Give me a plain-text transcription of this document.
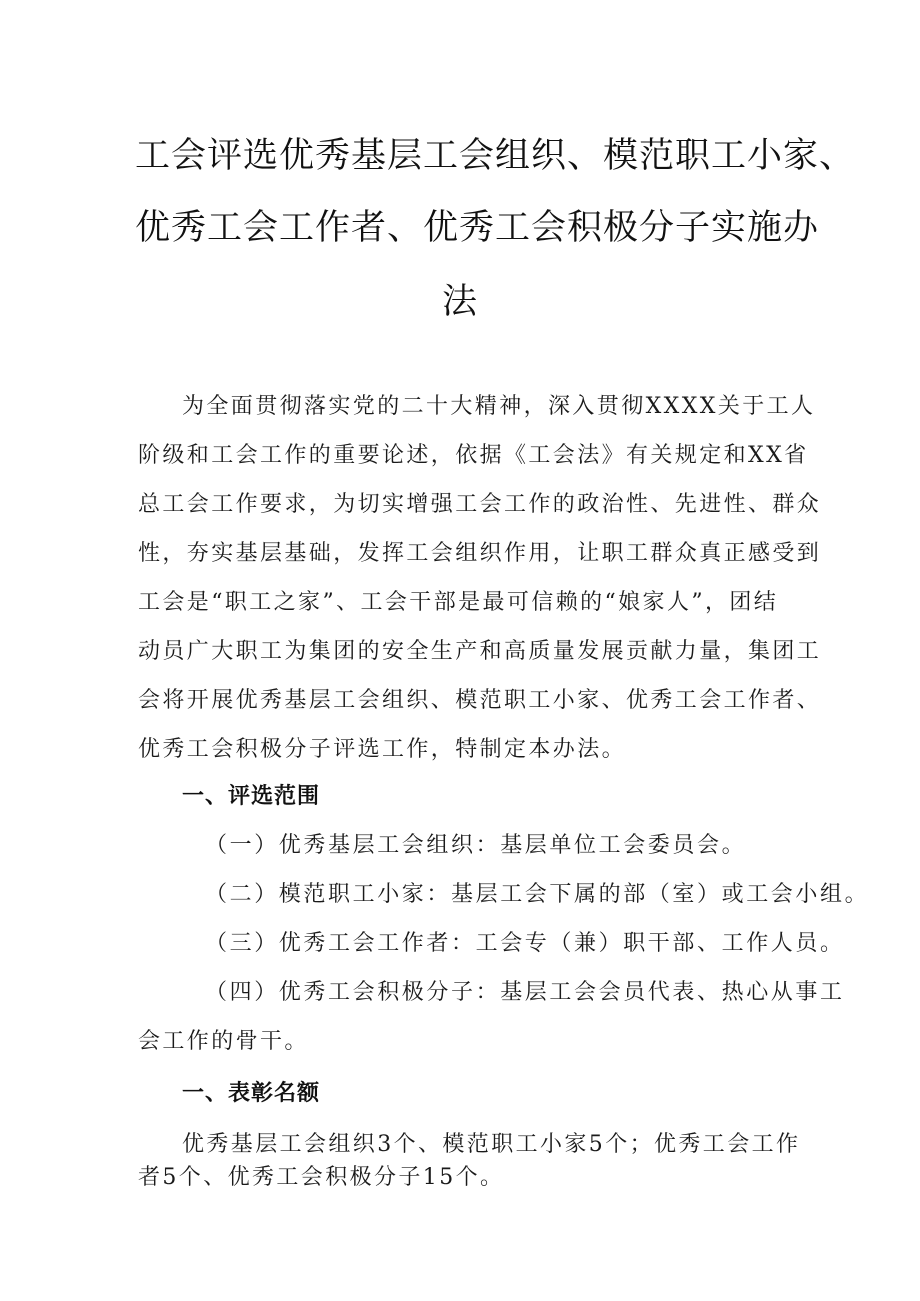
工会评选优秀基层工会组织、模范职工小家、
优秀工会工作者、优秀工会积极分子实施办
法
为全面贯彻落实党的二十大精神，深入贯彻XXXX关于工人
阶级和工会工作的重要论述，依据《工会法》有关规定和XX省
总工会工作要求，为切实增强工会工作的政治性、先进性、群众
性，夯实基层基础，发挥工会组织作用，让职工群众真正感受到
工会是“职工之家”、工会干部是最可信赖的“娘家人”，团结
动员广大职工为集团的安全生产和高质量发展贡献力量，集团工
会将开展优秀基层工会组织、模范职工小家、优秀工会工作者、
优秀工会积极分子评选工作，特制定本办法。
一、评选范围
（一）优秀基层工会组织：基层单位工会委员会。
（二）模范职工小家：基层工会下属的部（室）或工会小组。
（三）优秀工会工作者：工会专（兼）职干部、工作人员。
（四）优秀工会积极分子：基层工会会员代表、热心从事工
会工作的骨干。
一、表彰名额
优秀基层工会组织3个、模范职工小家5个；优秀工会工作
者5个、优秀工会积极分子15个。
